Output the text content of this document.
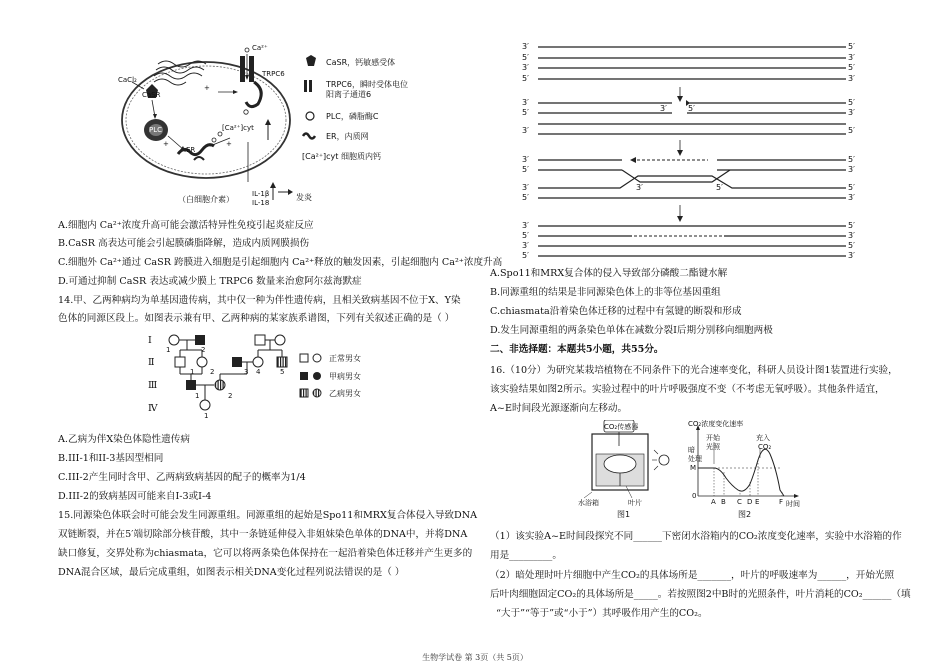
Ca²⁺
CaCl₂
CaSR
+
PLC
+
ER
TRPC6
[Ca²⁺]cyt
+
IL-1β
IL-18
发炎
（白细胞介素）
CaSR，钙敏感受体
TRPC6，瞬时受体电位
阳离子通道6
PLC，磷脂酶C
ER，内质网
[Ca²⁺]cyt 细胞质内钙
A.细胞内 Ca²⁺浓度升高可能会激活特异性免疫引起炎症反应
B.CaSR 高表达可能会引起膜磷脂降解，造成内质网膜损伤
C.细胞外 Ca²⁺通过 CaSR 跨膜进入细胞是引起细胞内 Ca²⁺释放的触发因素，引起细胞内 Ca²⁺浓度升高
D.可通过抑制 CaSR 表达或减少膜上 TRPC6 数量来治愈阿尔兹海默症
14.甲、乙两种病均为单基因遗传病，其中仅一种为伴性遗传病，且相关致病基因不位于X、Y染
色体的同源区段上。如图表示兼有甲、乙两种病的某家族系谱图，下列有关叙述正确的是（ ）
Ⅰ
Ⅱ
Ⅲ
Ⅳ
1	2
1 2	3 4	5
1	2
1
正常男女
甲病男女
乙病男女
A.乙病为伴X染色体隐性遗传病
B.III-1和II-3基因型相同
C.III-2产生同时含甲、乙两病致病基因的配子的概率为1/4
D.III-2的致病基因可能来自I-3或I-4
15.同源染色体联会时可能会发生同源重组。同源重组的起始是Spo11和MRX复合体侵入导致DNA
双链断裂，并在5′端切除部分核苷酸，其中一条链延伸侵入非姐妹染色单体的DNA中，并将DNA
缺口修复，交界处称为chiasmata，它可以将两条染色体保持在一起沿着染色体迁移并产生更多的
DNA混合区域，最后完成重组，如图表示相关DNA变化过程列说法错误的是（ ）
3′	5′
5′	3′
3′	5′
5′	3′
3′	5′
5′	3′
3′	5′
3′	5′
3′	5′
5′	3′
3′	5′
5′	3′
3′	5′
5′	3′
3′	5′
5′	3′
3′	5′
A.Spo11和MRX复合体的侵入导致部分磷酸二酯键水解
B.同源重组的结果是非同源染色体上的非等位基因重组
C.chiasmata沿着染色体迁移的过程中有氢键的断裂和形成
D.发生同源重组的两条染色单体在减数分裂I后期分别移向细胞两极
二、非选择题：本题共5小题，共55分。
16.（10分）为研究某栽培植物在不同条件下的光合速率变化，科研人员设计图1装置进行实验，
该实验结果如图2所示。实验过程中的叶片呼吸强度不变（不考虑无氧呼吸）。其他条件适宜，
A~E时间段光源逐渐向左移动。
CO₂传感器
水浴箱	叶片
图1
CO₂浓度变化速率
开始
光照
暗
处理
充入
CO₂
M
0
A B C D E	F 时间
图2
（1）该实验A~E时间段探究不同______下密闭水浴箱内的CO₂浓度变化速率，实验中水浴箱的作
用是_________。
（2）暗处理时叶片细胞中产生CO₂的具体场所是_______，叶片的呼吸速率为______，开始光照
后叶肉细胞固定CO₂的具体场所是_____。若按照图2中B时的光照条件，叶片消耗的CO₂______（填
“大于”“等于”或“小于”）其呼吸作用产生的CO₂。
生物学试卷 第 3页（共 5页）
